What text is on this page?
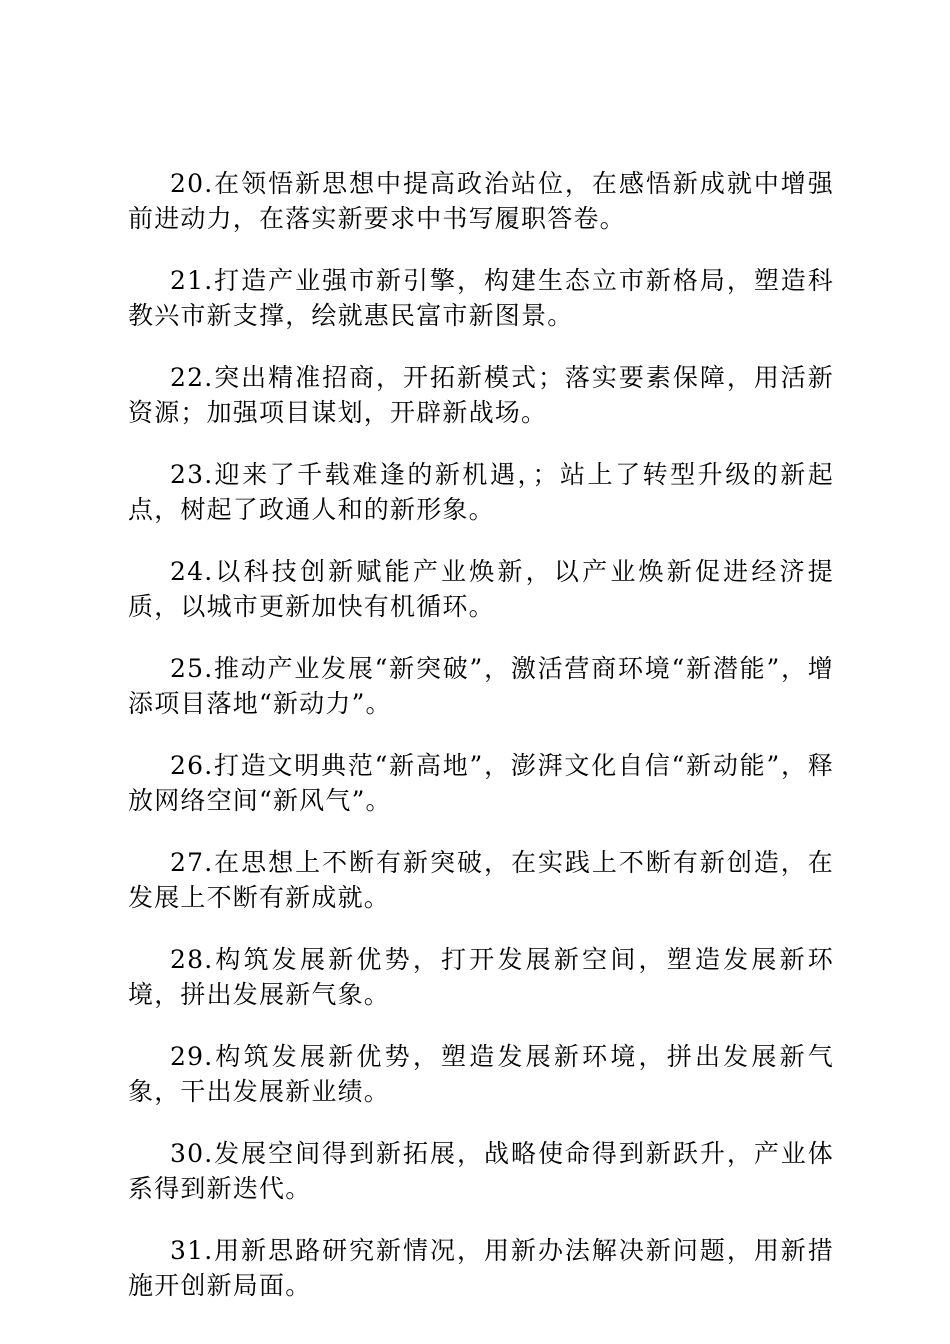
20.在领悟新思想中提高政治站位，在感悟新成就中增强前进动力，在落实新要求中书写履职答卷。

21.打造产业强市新引擎，构建生态立市新格局，塑造科教兴市新支撑，绘就惠民富市新图景。

22.突出精准招商，开拓新模式；落实要素保障，用活新资源；加强项目谋划，开辟新战场。

23.迎来了千载难逢的新机遇，；站上了转型升级的新起点，树起了政通人和的新形象。

24.以科技创新赋能产业焕新，以产业焕新促进经济提质，以城市更新加快有机循环。

25.推动产业发展“新突破”，激活营商环境“新潜能”，增添项目落地“新动力”。

26.打造文明典范“新高地”，澎湃文化自信“新动能”，释放网络空间“新风气”。

27.在思想上不断有新突破，在实践上不断有新创造，在发展上不断有新成就。

28.构筑发展新优势，打开发展新空间，塑造发展新环境，拼出发展新气象。

29.构筑发展新优势，塑造发展新环境，拼出发展新气象，干出发展新业绩。

30.发展空间得到新拓展，战略使命得到新跃升，产业体系得到新迭代。

31.用新思路研究新情况，用新办法解决新问题，用新措施开创新局面。
